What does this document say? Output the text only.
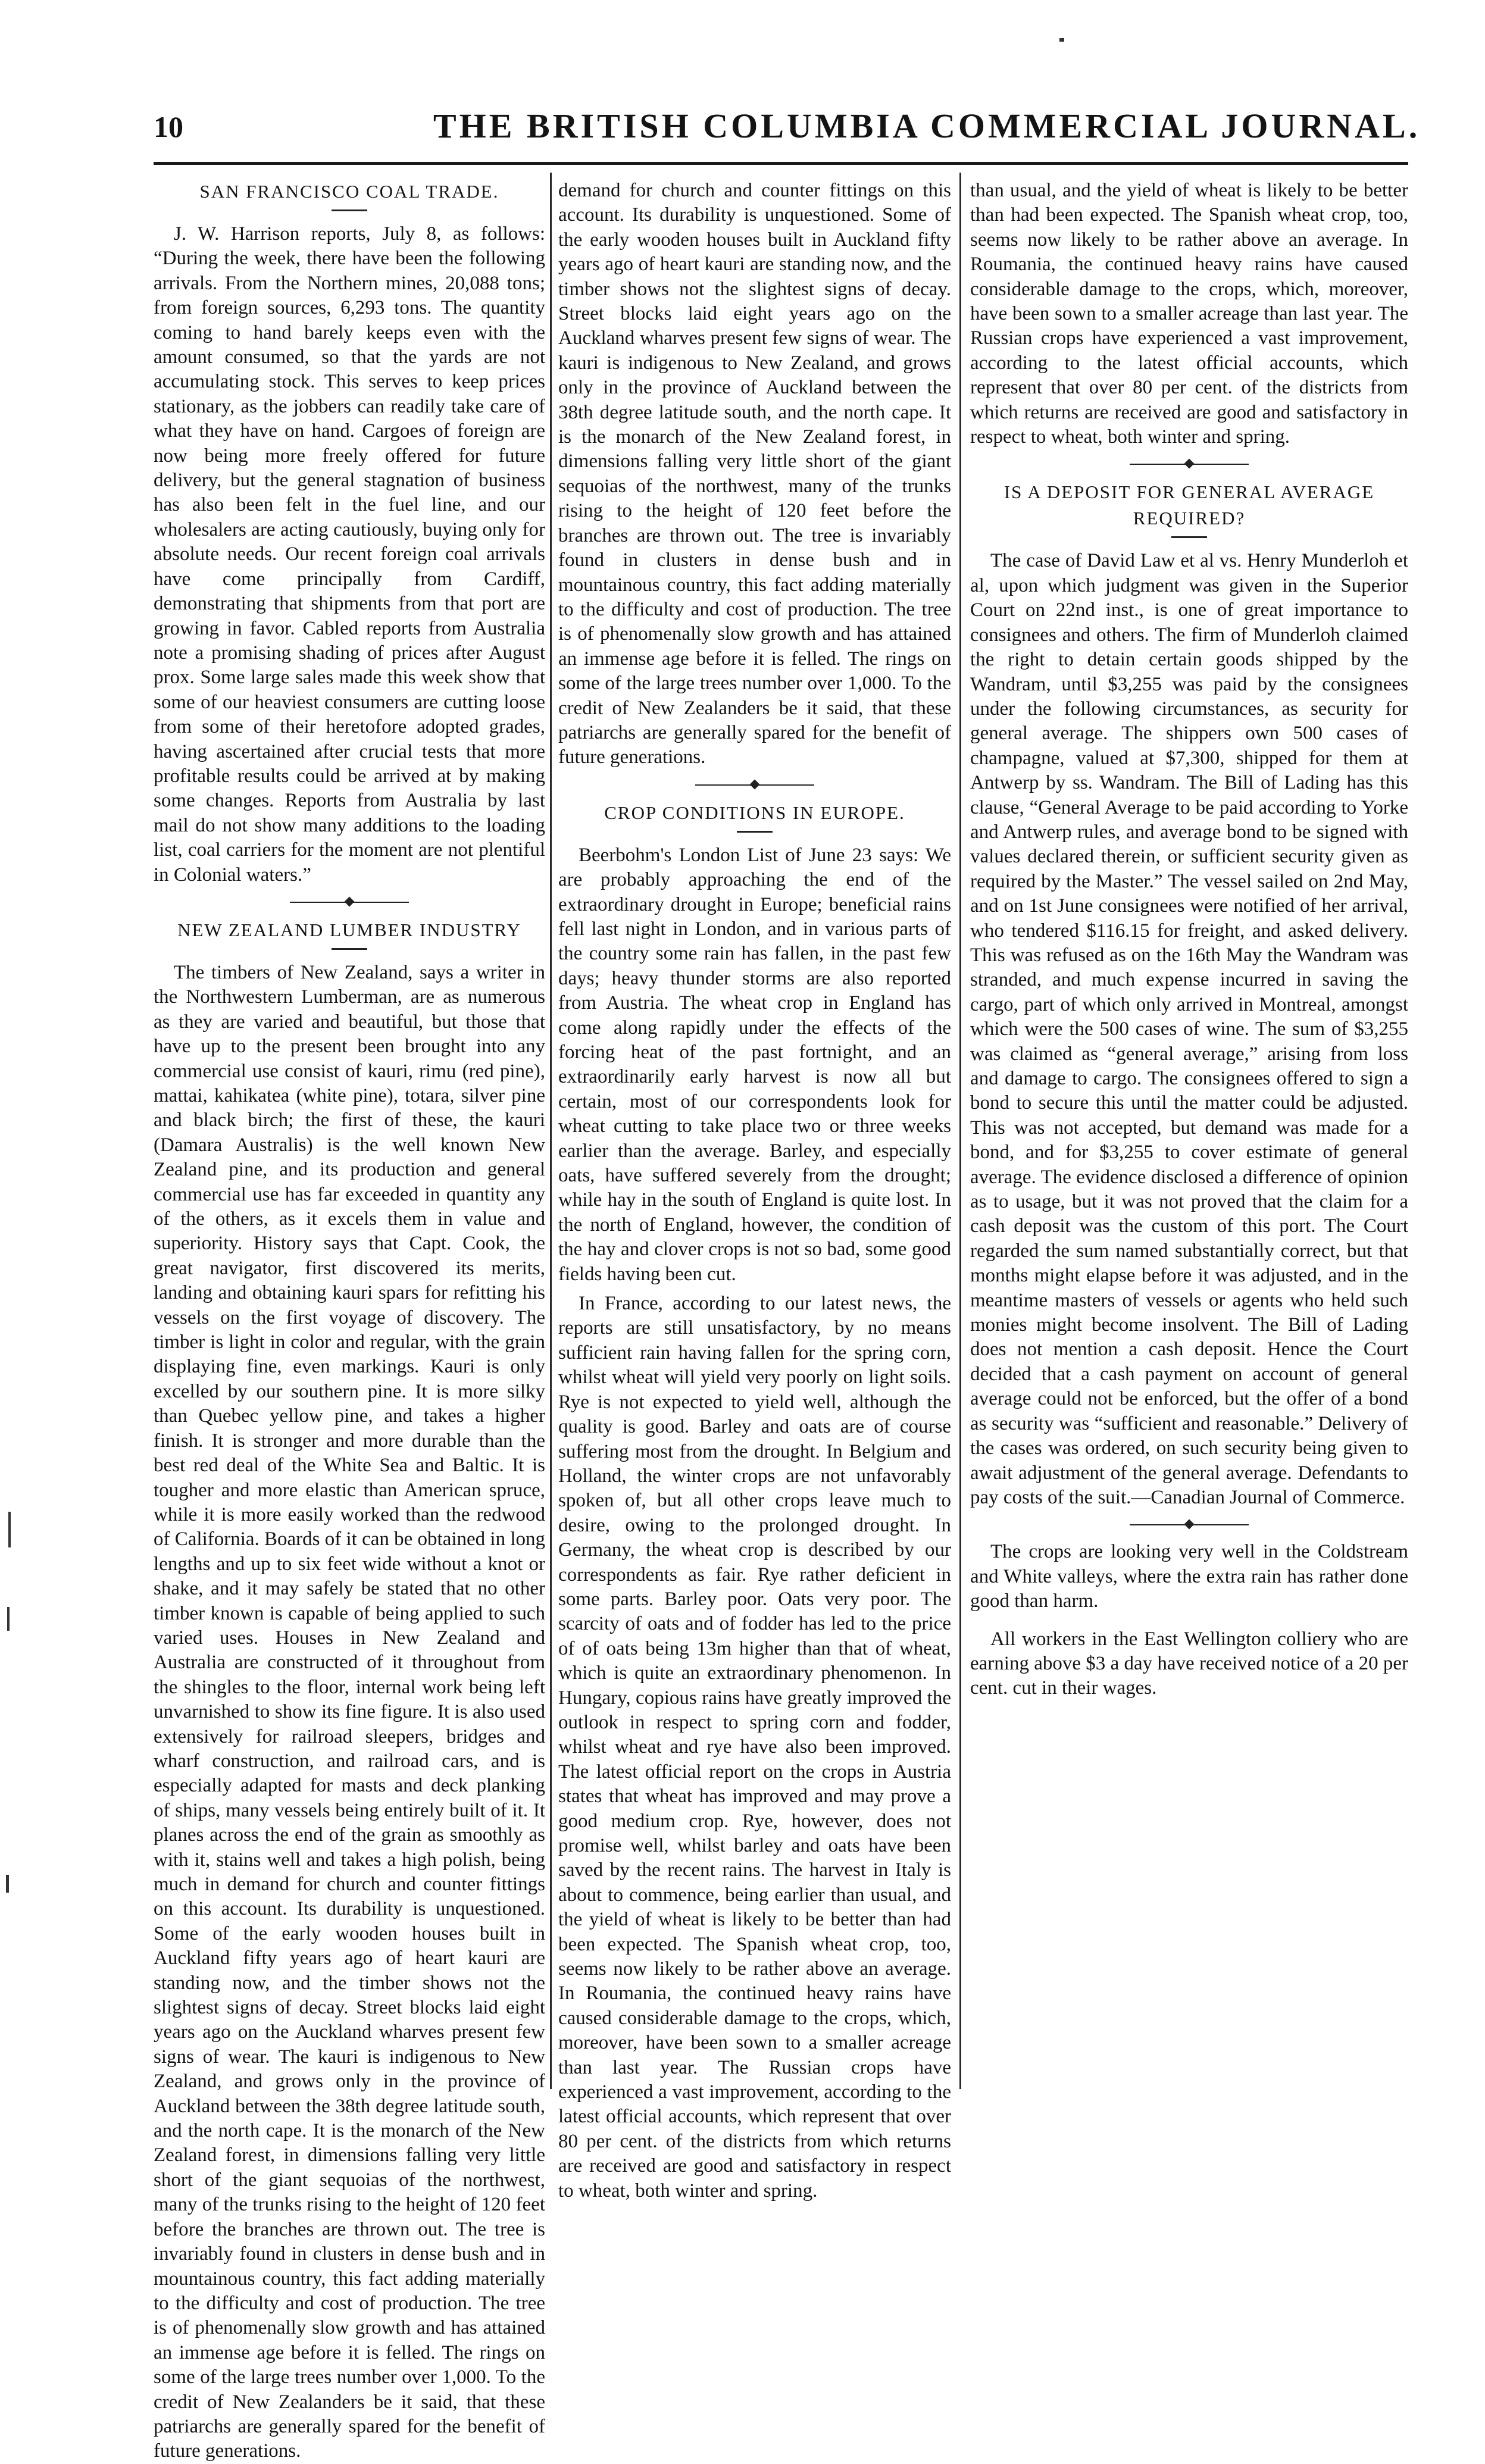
10	THE BRITISH COLUMBIA COMMERCIAL JOURNAL.
SAN FRANCISCO COAL TRADE.

J. W. Harrison reports, July 8, as follows: “During the week, there have been the following arrivals. From the Northern mines, 20,088 tons; from foreign sources, 6,293 tons. The quantity coming to hand barely keeps even with the amount consumed, so that the yards are not accumulating stock. This serves to keep prices stationary, as the jobbers can readily take care of what they have on hand. Cargoes of foreign are now being more freely offered for future delivery, but the general stagnation of business has also been felt in the fuel line, and our wholesalers are acting cautiously, buying only for absolute needs. Our recent foreign coal arrivals have come principally from Cardiff, demonstrating that shipments from that port are growing in favor. Cabled reports from Australia note a promising shading of prices after August prox. Some large sales made this week show that some of our heaviest consumers are cutting loose from some of their heretofore adopted grades, having ascertained after crucial tests that more profitable results could be arrived at by making some changes. Reports from Australia by last mail do not show many additions to the loading list, coal carriers for the moment are not plentiful in Colonial waters.”

NEW ZEALAND LUMBER INDUSTRY

The timbers of New Zealand, says a writer in the Northwestern Lumberman, are as numerous as they are varied and beautiful, but those that have up to the present been brought into any commercial use consist of kauri, rimu (red pine), mattai, kahikatea (white pine), totara, silver pine and black birch; the first of these, the kauri (Damara Australis) is the well known New Zealand pine, and its production and general commercial use has far exceeded in quantity any of the others, as it excels them in value and superiority. History says that Capt. Cook, the great navigator, first discovered its merits, landing and obtaining kauri spars for refitting his vessels on the first voyage of discovery. The timber is light in color and regular, with the grain displaying fine, even markings. Kauri is only excelled by our southern pine. It is more silky than Quebec yellow pine, and takes a higher finish. It is stronger and more durable than the best red deal of the White Sea and Baltic. It is tougher and more elastic than American spruce, while it is more easily worked than the redwood of California. Boards of it can be obtained in long lengths and up to six feet wide without a knot or shake, and it may safely be stated that no other timber known is capable of being applied to such varied uses. Houses in New Zealand and Australia are constructed of it throughout from the shingles to the floor, internal work being left unvarnished to show its fine figure. It is also used extensively for railroad sleepers, bridges and wharf construction, and railroad cars, and is especially adapted for masts and deck planking of ships, many vessels being entirely built of it. It planes across the end of the grain as smoothly as with it, stains well and takes a high polish, being much in demand for church and counter fittings on this account. Its durability is unquestioned. Some of the early wooden houses built in Auckland fifty years ago of heart kauri are standing now, and the timber shows not the slightest signs of decay. Street blocks laid eight years ago on the Auckland wharves present few signs of wear. The kauri is indigenous to New Zealand, and grows only in the province of Auckland between the 38th degree latitude south, and the north cape. It is the monarch of the New Zealand forest, in dimensions falling very little short of the giant sequoias of the northwest, many of the trunks rising to the height of 120 feet before the branches are thrown out. The tree is invariably found in clusters in dense bush and in mountainous country, this fact adding materially to the difficulty and cost of production. The tree is of phenomenally slow growth and has attained an immense age before it is felled. The rings on some of the large trees number over 1,000. To the credit of New Zealanders be it said, that these patriarchs are generally spared for the benefit of future generations.

demand for church and counter fittings on this account. Its durability is unquestioned. Some of the early wooden houses built in Auckland fifty years ago of heart kauri are standing now, and the timber shows not the slightest signs of decay. Street blocks laid eight years ago on the Auckland wharves present few signs of wear. The kauri is indigenous to New Zealand, and grows only in the province of Auckland between the 38th degree latitude south, and the north cape. It is the monarch of the New Zealand forest, in dimensions falling very little short of the giant sequoias of the northwest, many of the trunks rising to the height of 120 feet before the branches are thrown out. The tree is invariably found in clusters in dense bush and in mountainous country, this fact adding materially to the difficulty and cost of production. The tree is of phenomenally slow growth and has attained an immense age before it is felled. The rings on some of the large trees number over 1,000. To the credit of New Zealanders be it said, that these patriarchs are generally spared for the benefit of future generations.

CROP CONDITIONS IN EUROPE.

Beerbohm's London List of June 23 says: We are probably approaching the end of the extraordinary drought in Europe; beneficial rains fell last night in London, and in various parts of the country some rain has fallen, in the past few days; heavy thunder storms are also reported from Austria. The wheat crop in England has come along rapidly under the effects of the forcing heat of the past fortnight, and an extraordinarily early harvest is now all but certain, most of our correspondents look for wheat cutting to take place two or three weeks earlier than the average. Barley, and especially oats, have suffered severely from the drought; while hay in the south of England is quite lost. In the north of England, however, the condition of the hay and clover crops is not so bad, some good fields having been cut.

In France, according to our latest news, the reports are still unsatisfactory, by no means sufficient rain having fallen for the spring corn, whilst wheat will yield very poorly on light soils. Rye is not expected to yield well, although the quality is good. Barley and oats are of course suffering most from the drought. In Belgium and Holland, the winter crops are not unfavorably spoken of, but all other crops leave much to desire, owing to the prolonged drought. In Germany, the wheat crop is described by our correspondents as fair. Rye rather deficient in some parts. Barley poor. Oats very poor. The scarcity of oats and of fodder has led to the price of of oats being 13m higher than that of wheat, which is quite an extraordinary phenomenon. In Hungary, copious rains have greatly improved the outlook in respect to spring corn and fodder, whilst wheat and rye have also been improved. The latest official report on the crops in Austria states that wheat has improved and may prove a good medium crop. Rye, however, does not promise well, whilst barley and oats have been saved by the recent rains. The harvest in Italy is about to commence, being earlier than usual, and the yield of wheat is likely to be better than had been expected. The Spanish wheat crop, too, seems now likely to be rather above an average. In Roumania, the continued heavy rains have caused considerable damage to the crops, which, moreover, have been sown to a smaller acreage than last year. The Russian crops have experienced a vast improvement, according to the latest official accounts, which represent that over 80 per cent. of the districts from which returns are received are good and satisfactory in respect to wheat, both winter and spring.

than usual, and the yield of wheat is likely to be better than had been expected. The Spanish wheat crop, too, seems now likely to be rather above an average. In Roumania, the continued heavy rains have caused considerable damage to the crops, which, moreover, have been sown to a smaller acreage than last year. The Russian crops have experienced a vast improvement, according to the latest official accounts, which represent that over 80 per cent. of the districts from which returns are received are good and satisfactory in respect to wheat, both winter and spring.

IS A DEPOSIT FOR GENERAL AVERAGE REQUIRED?

The case of David Law et al vs. Henry Munderloh et al, upon which judgment was given in the Superior Court on 22nd inst., is one of great importance to consignees and others. The firm of Munderloh claimed the right to detain certain goods shipped by the Wandram, until $3,255 was paid by the consignees under the following circumstances, as security for general average. The shippers own 500 cases of champagne, valued at $7,300, shipped for them at Antwerp by ss. Wandram. The Bill of Lading has this clause, “General Average to be paid according to Yorke and Antwerp rules, and average bond to be signed with values declared therein, or sufficient security given as required by the Master.” The vessel sailed on 2nd May, and on 1st June consignees were notified of her arrival, who tendered $116.15 for freight, and asked delivery. This was refused as on the 16th May the Wandram was stranded, and much expense incurred in saving the cargo, part of which only arrived in Montreal, amongst which were the 500 cases of wine. The sum of $3,255 was claimed as “general average,” arising from loss and damage to cargo. The consignees offered to sign a bond to secure this until the matter could be adjusted. This was not accepted, but demand was made for a bond, and for $3,255 to cover estimate of general average. The evidence disclosed a difference of opinion as to usage, but it was not proved that the claim for a cash deposit was the custom of this port. The Court regarded the sum named substantially correct, but that months might elapse before it was adjusted, and in the meantime masters of vessels or agents who held such monies might become insolvent. The Bill of Lading does not mention a cash deposit. Hence the Court decided that a cash payment on account of general average could not be enforced, but the offer of a bond as security was “sufficient and reasonable.” Delivery of the cases was ordered, on such security being given to await adjustment of the general average. Defendants to pay costs of the suit.—Canadian Journal of Commerce.

The crops are looking very well in the Coldstream and White valleys, where the extra rain has rather done good than harm.

All workers in the East Wellington colliery who are earning above $3 a day have received notice of a 20 per cent. cut in their wages.
